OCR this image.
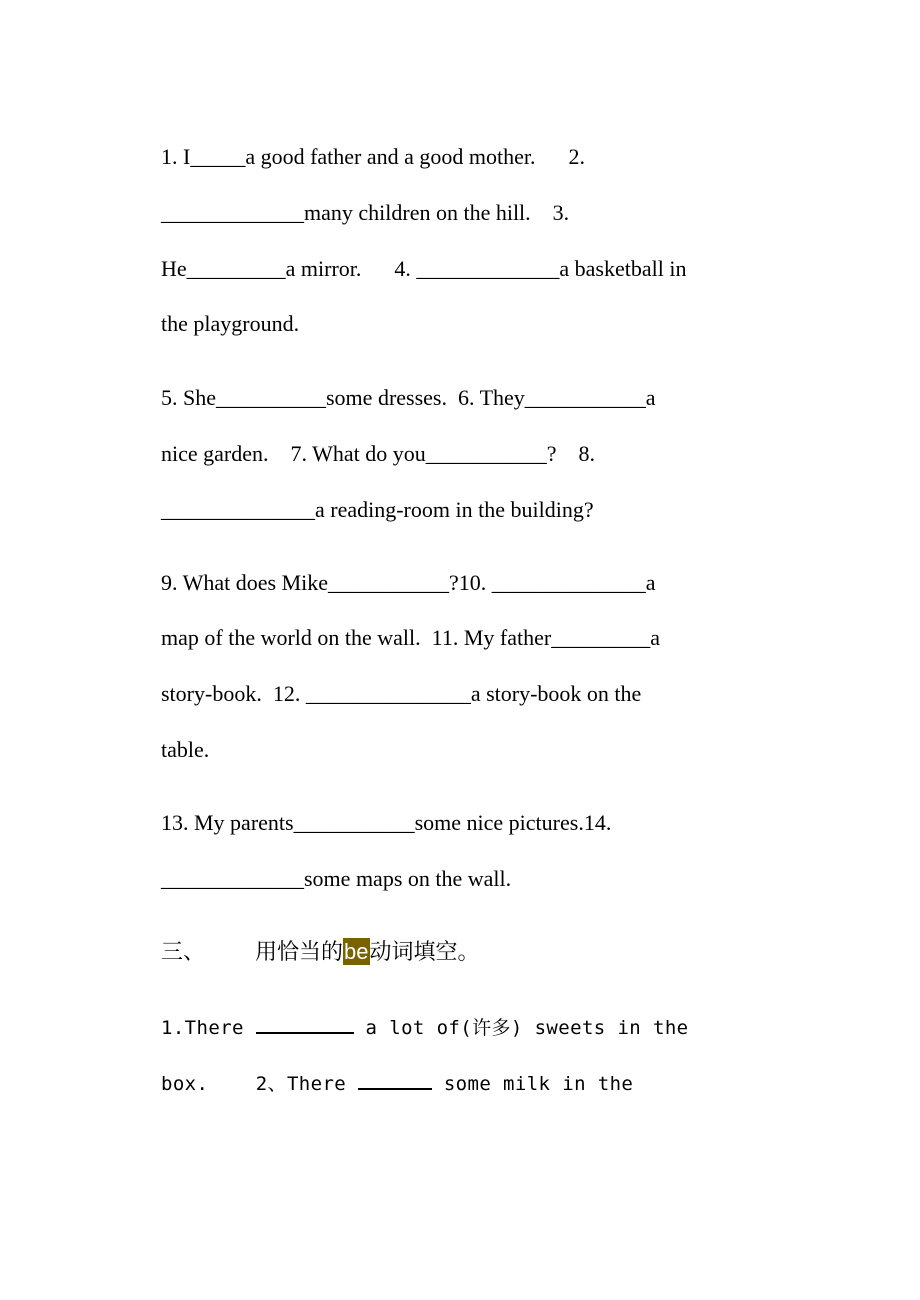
1. I_____a good father and a good mother.      2.
_____________many children on the hill.    3.
He_________a mirror.      4. _____________a basketball in
the playground.
5. She__________some dresses.  6. They___________a
nice garden.    7. What do you___________?    8.
______________a reading-room in the building?
9. What does Mike___________?10. ______________a
map of the world on the wall.  11. My father_________a
story-book.  12. _______________a story-book on the
table.
13. My parents___________some nice pictures.14.
_____________some maps on the wall.
三、 用恰当的be动词填空。
1.There	a lot of(许多) sweets in the
box.    2、There	some milk in the
